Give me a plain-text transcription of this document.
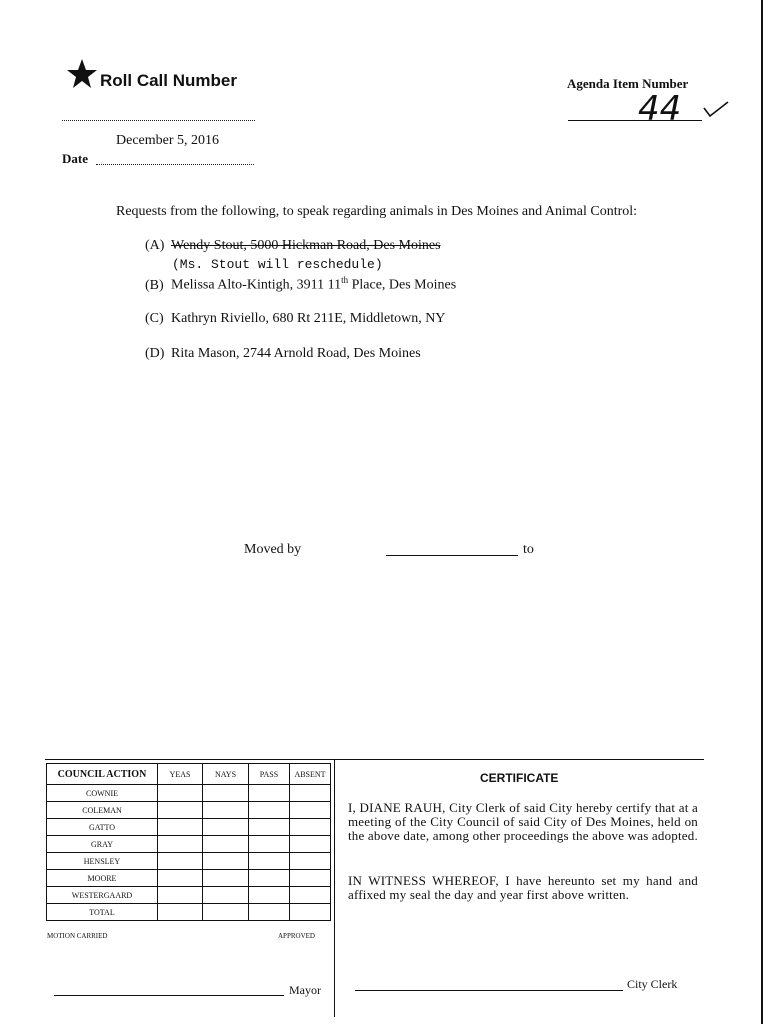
Roll Call Number	Agenda Item Number
44
December 5, 2016
Date
Requests from the following, to speak regarding animals in Des Moines and Animal Control:
(A) Wendy Stout, 5000 Hickman Road, Des Moines
(Ms. Stout will reschedule)
(B) Melissa Alto-Kintigh, 3911 11th Place, Des Moines
(C) Kathryn Riviello, 680 Rt 211E, Middletown, NY
(D) Rita Mason, 2744 Arnold Road, Des Moines
Moved by	to
COUNCIL ACTION	YEAS	NAYS	PASS	ABSENT
COWNIE				
COLEMAN				
GATTO				
GRAY				
HENSLEY				
MOORE				
WESTERGAARD				
TOTAL				
MOTION CARRIED	APPROVED
Mayor
CERTIFICATE
I, DIANE RAUH, City Clerk of said City hereby certify that at a meeting of the City Council of said City of Des Moines, held on the above date, among other proceedings the above was adopted.
IN WITNESS WHEREOF, I have hereunto set my hand and affixed my seal the day and year first above written.
City Clerk
